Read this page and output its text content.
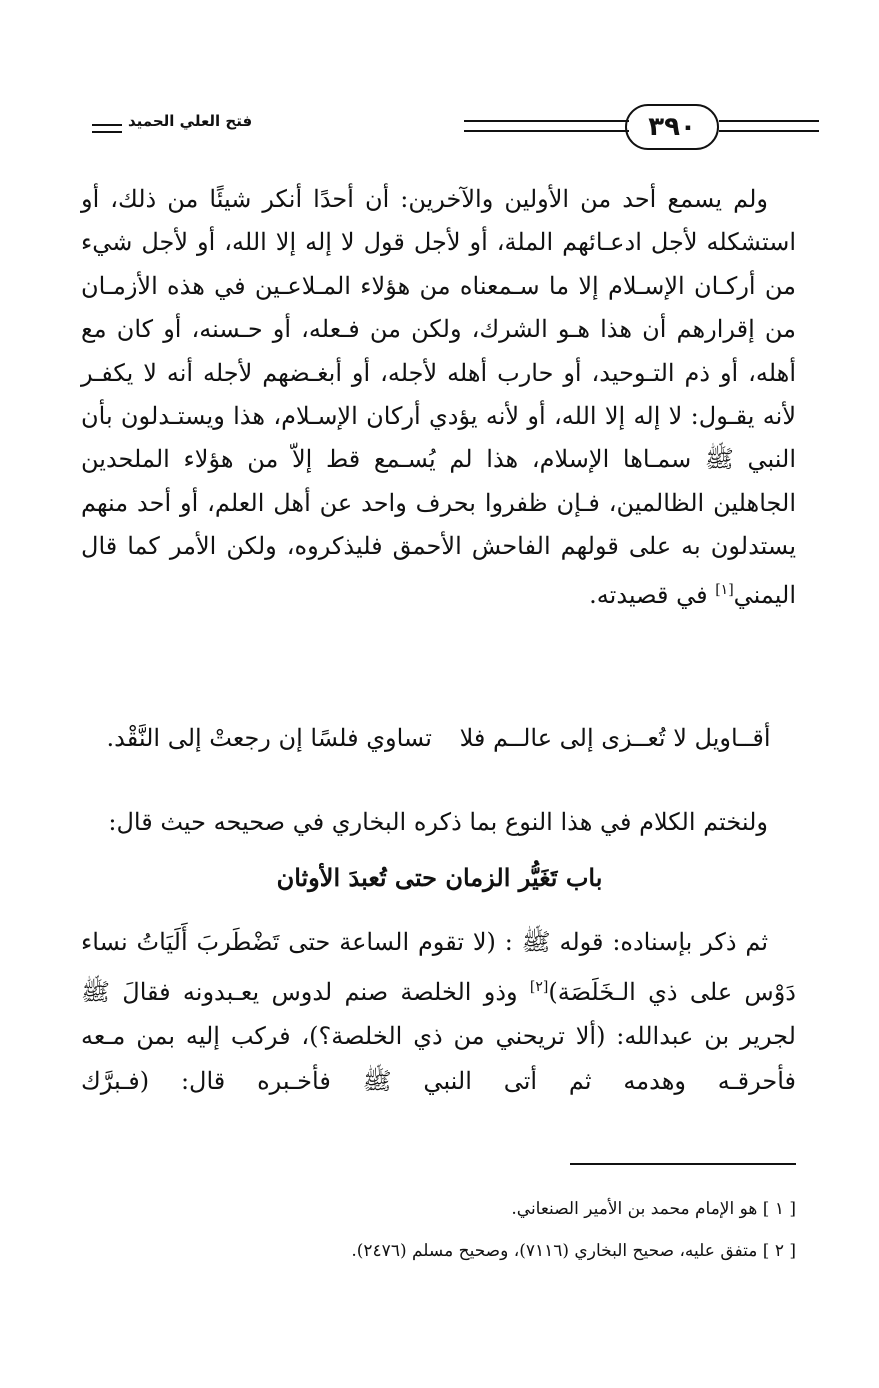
٣٩٠
فتح العلي الحميد

ولم يسمع أحد من الأولين والآخرين: أن أحدًا أنكر شيئًا من ذلك، أو استشكله لأجل ادعـائهم الملة، أو لأجل قول لا إله إلا الله، أو لأجل شيء من أركـان الإسـلام إلا ما سـمعناه من هؤلاء المـلاعـين في هذه الأزمـان من إقرارهم أن هذا هـو الشرك، ولكن من فـعله، أو حـسنه، أو كان مع أهله، أو ذم التـوحيد، أو حارب أهله لأجله، أو أبغـضهم لأجله أنه لا يكفـر لأنه يقـول: لا إله إلا الله، أو لأنه يؤدي أركان الإسـلام، هذا ويستـدلون بأن النبي ﷺ سمـاها الإسلام، هذا لم يُسـمع قط إلاّ من هؤلاء الملحدين الجاهلين الظالمين، فـإن ظفروا بحرف واحد عن أهل العلم، أو أحد منهم يستدلون به على قولهم الفاحش الأحمق فليذكروه، ولكن الأمر كما قال اليمني[١] في قصيدته.

أقــاويل لا تُعــزى إلى عالــم فلا تساوي فلسًا إن رجعتْ إلى النَّقْد.

ولنختم الكلام في هذا النوع بما ذكره البخاري في صحيحه حيث قال:

باب تَغَيُّر الزمان حتى تُعبدَ الأوثان

ثم ذكر بإسناده: قوله ﷺ : (لا تقوم الساعة حتى تَضْطَربَ أَلَيَاتُ نساء دَوْس على ذي الـخَلَصَة)[٢] وذو الخلصة صنم لدوس يعـبدونه فقالَ ﷺ لجرير بن عبدالله: (ألا تريحني من ذي الخلصة؟)، فركب إليه بمن مـعه فأحرقـه وهدمه ثم أتى النبي ﷺ فأخـبره قال: (فـبرَّك

[ ١ ] هو الإمام محمد بن الأمير الصنعاني.

[ ٢ ] متفق عليه، صحيح البخاري (٧١١٦)، وصحيح مسلم (٢٤٧٦).
